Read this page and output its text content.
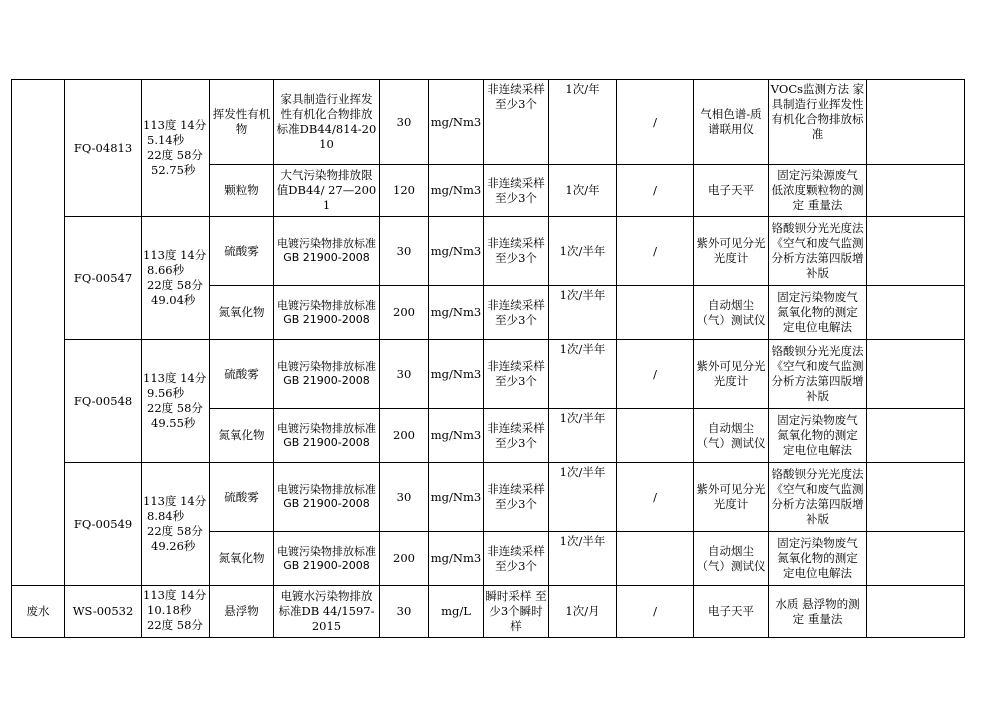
	FQ-04813	113度 14分
5.14秒
22度 58分
52.75秒	挥发性有机物	家具制造行业挥发性有机化合物排放标准DB44/814-2010	30	mg/Nm3	非连续采样 至少3个	1次/年	/	气相色谱-质谱联用仪	VOCs监测方法 家具制造行业挥发性有机化合物排放标准	
			颗粒物	大气污染物排放限值DB44/ 27—2001	120	mg/Nm3	非连续采样 至少3个	1次/年	/	电子天平	固定污染源废气 低浓度颗粒物的测定 重量法	
	FQ-00547	113度 14分
8.66秒
22度 58分
49.04秒	硫酸雾	电镀污染物排放标准GB 21900-2008	30	mg/Nm3	非连续采样 至少3个	1次/半年	/	紫外可见分光光度计	铬酸钡分光光度法《空气和废气监测分析方法第四版增补版	
			氮氧化物	电镀污染物排放标准GB 21900-2008	200	mg/Nm3	非连续采样 至少3个	1次/半年		自动烟尘（气）测试仪	固定污染物废气 氮氧化物的测定 定电位电解法	
	FQ-00548	113度 14分
9.56秒
22度 58分
49.55秒	硫酸雾	电镀污染物排放标准GB 21900-2008	30	mg/Nm3	非连续采样 至少3个	1次/半年	/	紫外可见分光光度计	铬酸钡分光光度法《空气和废气监测分析方法第四版增补版	
			氮氧化物	电镀污染物排放标准GB 21900-2008	200	mg/Nm3	非连续采样 至少3个	1次/半年		自动烟尘（气）测试仪	固定污染物废气 氮氧化物的测定 定电位电解法	
	FQ-00549	113度 14分
8.84秒
22度 58分
49.26秒	硫酸雾	电镀污染物排放标准GB 21900-2008	30	mg/Nm3	非连续采样 至少3个	1次/半年	/	紫外可见分光光度计	铬酸钡分光光度法《空气和废气监测分析方法第四版增补版	
			氮氧化物	电镀污染物排放标准GB 21900-2008	200	mg/Nm3	非连续采样 至少3个	1次/半年		自动烟尘（气）测试仪	固定污染物废气 氮氧化物的测定 定电位电解法	
废水	WS-00532	113度 14分
10.18秒
22度 58分	悬浮物	电镀水污染物排放标准DB 44/1597-2015	30	mg/L	瞬时采样 至少3个瞬时样	1次/月	/	电子天平	水质 悬浮物的测定 重量法	
